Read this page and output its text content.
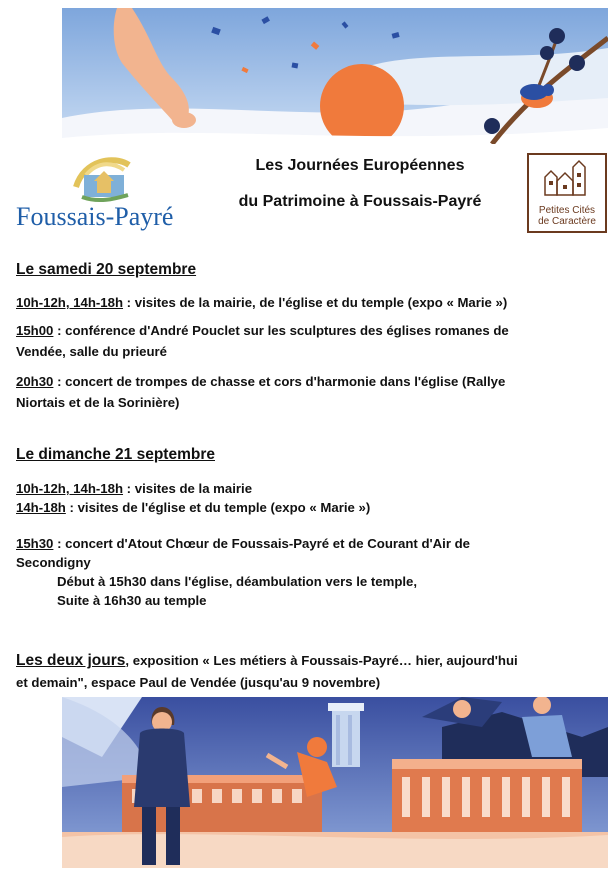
Foussais-Payré
Les Journées Européennes
du Patrimoine à Foussais-Payré
Petites Cités
de Caractère
Le samedi 20 septembre
10h-12h, 14h-18h : visites de la mairie, de l'église et du temple (expo « Marie »)
15h00 : conférence d'André Pouclet sur les sculptures des églises romanes de
Vendée, salle du prieuré
20h30 : concert de trompes de chasse et cors d'harmonie dans l'église (Rallye
Niortais et de la Sorinière)
Le dimanche 21 septembre
10h-12h, 14h-18h : visites de la mairie
14h-18h : visites de l'église et du temple (expo « Marie »)
15h30 : concert d'Atout Chœur de Foussais-Payré et de Courant d'Air de
Secondigny
Début à 15h30 dans l'église, déambulation vers le temple,
Suite à 16h30 au temple
Les deux jours, exposition « Les métiers à Foussais-Payré… hier, aujourd'hui
et demain", espace Paul de Vendée (jusqu'au 9 novembre)
